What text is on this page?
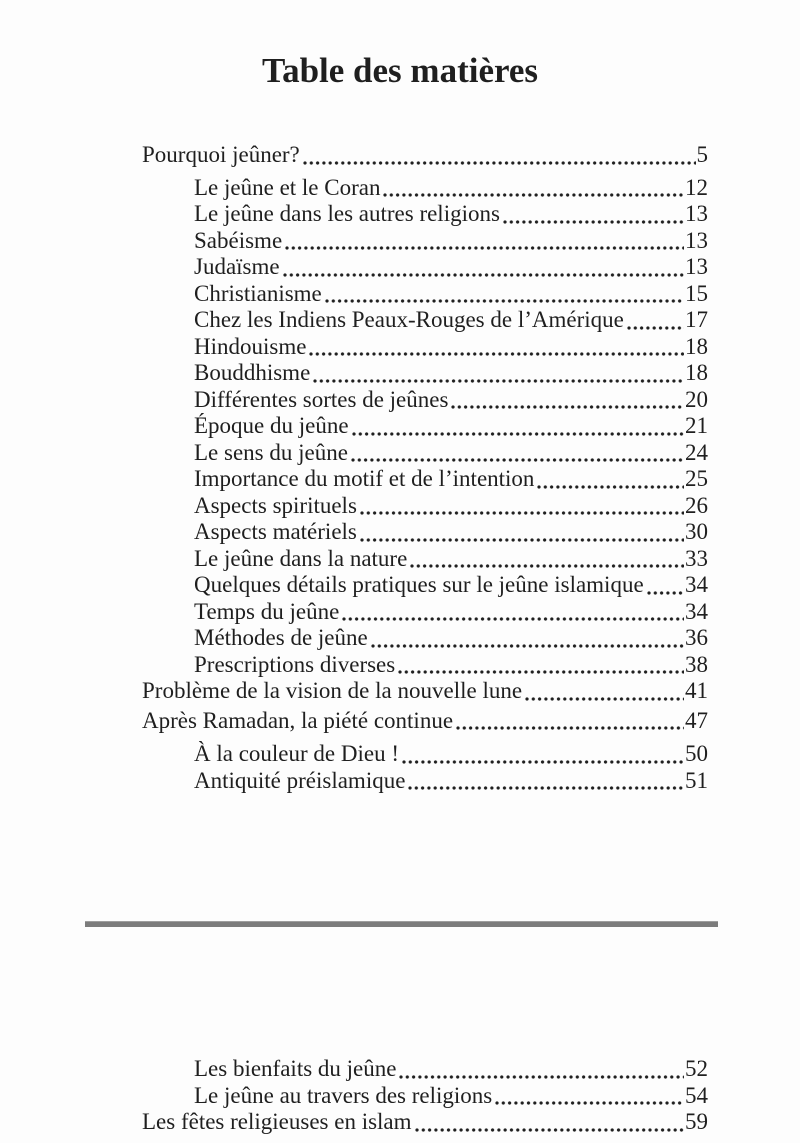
Table des matières
Pourquoi jeûner?	5
Le jeûne et le Coran	12
Le jeûne dans les autres religions	13
Sabéisme	13
Judaïsme	13
Christianisme	15
Chez les Indiens Peaux-Rouges de l’Amérique	17
Hindouisme	18
Bouddhisme	18
Différentes sortes de jeûnes	20
Époque du jeûne	21
Le sens du jeûne	24
Importance du motif et de l’intention	25
Aspects spirituels	26
Aspects matériels	30
Le jeûne dans la nature	33
Quelques détails pratiques sur le jeûne islamique 34
Temps du jeûne	34
Méthodes de jeûne	36
Prescriptions diverses	38
Problème de la vision de la nouvelle lune	41
Après Ramadan, la piété continue	47
À la couleur de Dieu !	50
Antiquité préislamique	51
Les bienfaits du jeûne	52
Le jeûne au travers des religions	54
Les fêtes religieuses en islam	59
